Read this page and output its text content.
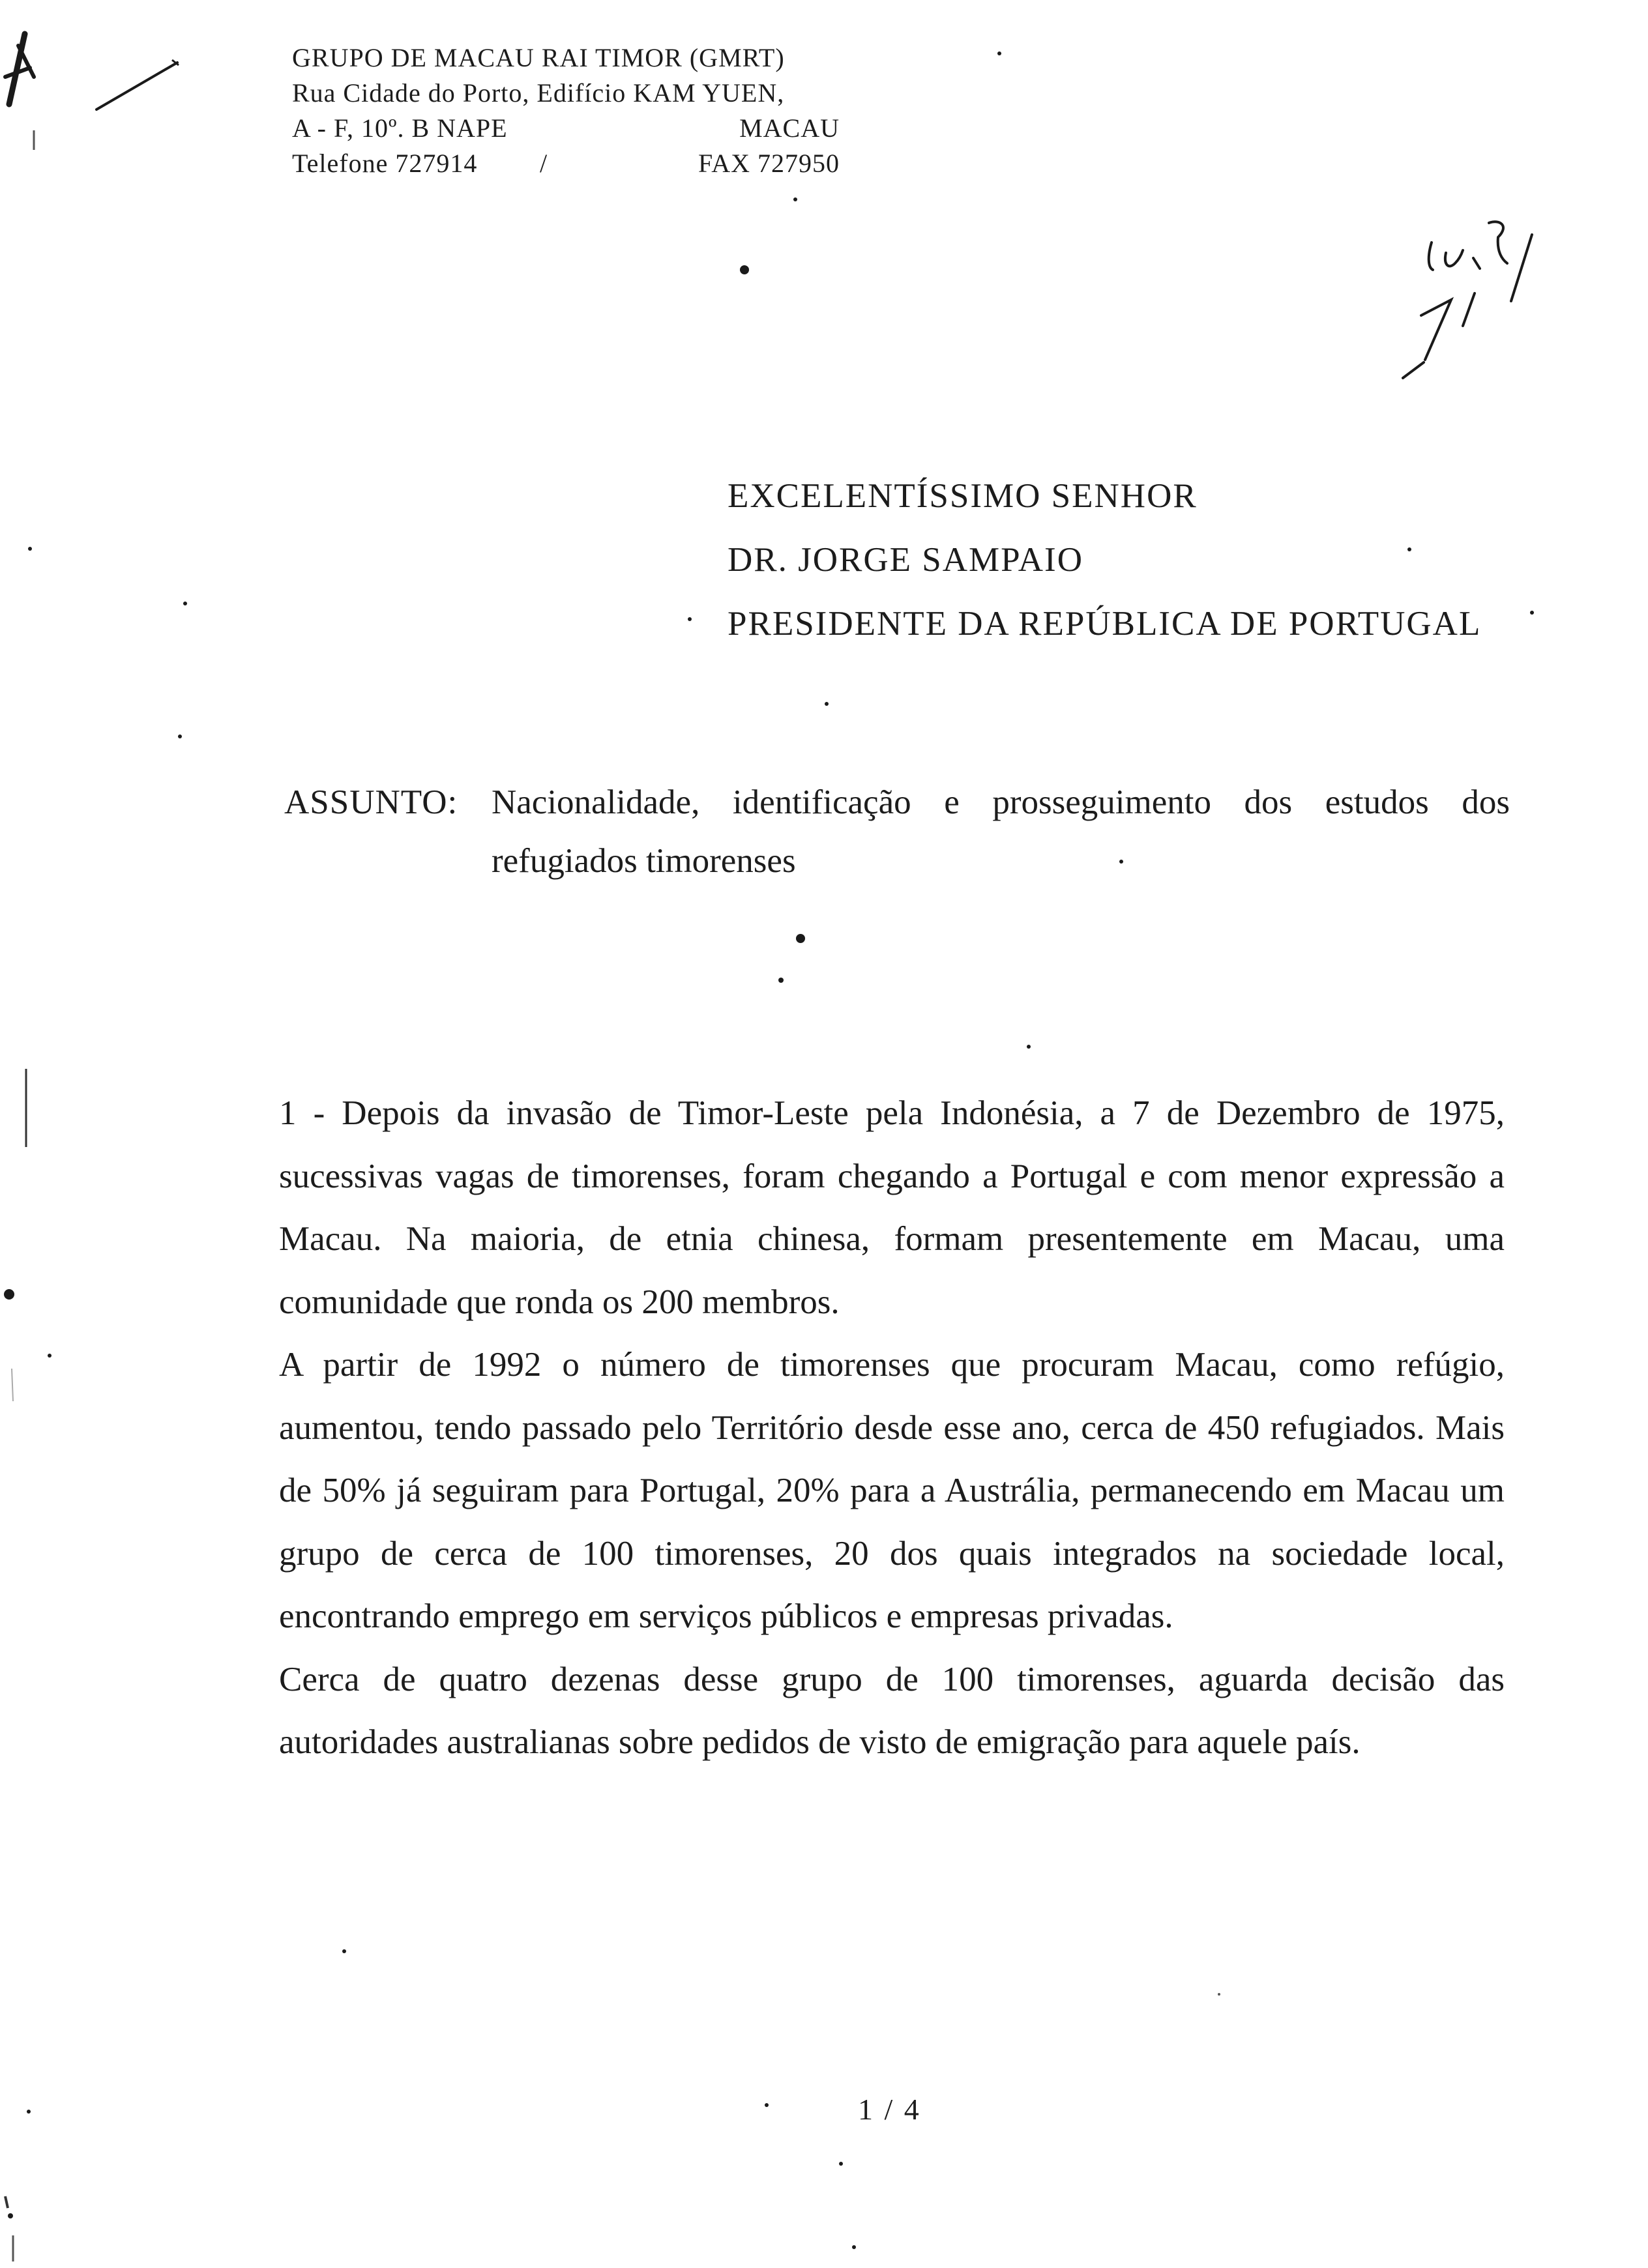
GRUPO DE MACAU RAI TIMOR (GMRT)
Rua Cidade do Porto, Edifício KAM YUEN,
A - F, 10º. B NAPE	MACAU
Telefone 727914 /	FAX 727950
EXCELENTÍSSIMO SENHOR
DR. JORGE SAMPAIO
PRESIDENTE DA REPÚBLICA DE PORTUGAL
ASSUNTO: Nacionalidade, identificação e prosseguimento dos estudos dos refugiados timorenses

1 - Depois da invasão de Timor-Leste pela Indonésia, a 7 de Dezembro de 1975, sucessivas vagas de timorenses, foram chegando a Portugal e com menor expressão a Macau. Na maioria, de etnia chinesa, formam presentemente em Macau, uma comunidade que ronda os 200 membros.

A partir de 1992 o número de timorenses que procuram Macau, como refúgio, aumentou, tendo passado pelo Território desde esse ano, cerca de 450 refugiados. Mais de 50% já seguiram para Portugal, 20% para a Austrália, permanecendo em Macau um grupo de cerca de 100 timorenses, 20 dos quais integrados na sociedade local, encontrando emprego em serviços públicos e empresas privadas.

Cerca de quatro dezenas desse grupo de 100 timorenses, aguarda decisão das autoridades australianas sobre pedidos de visto de emigração para aquele país.

1 / 4
